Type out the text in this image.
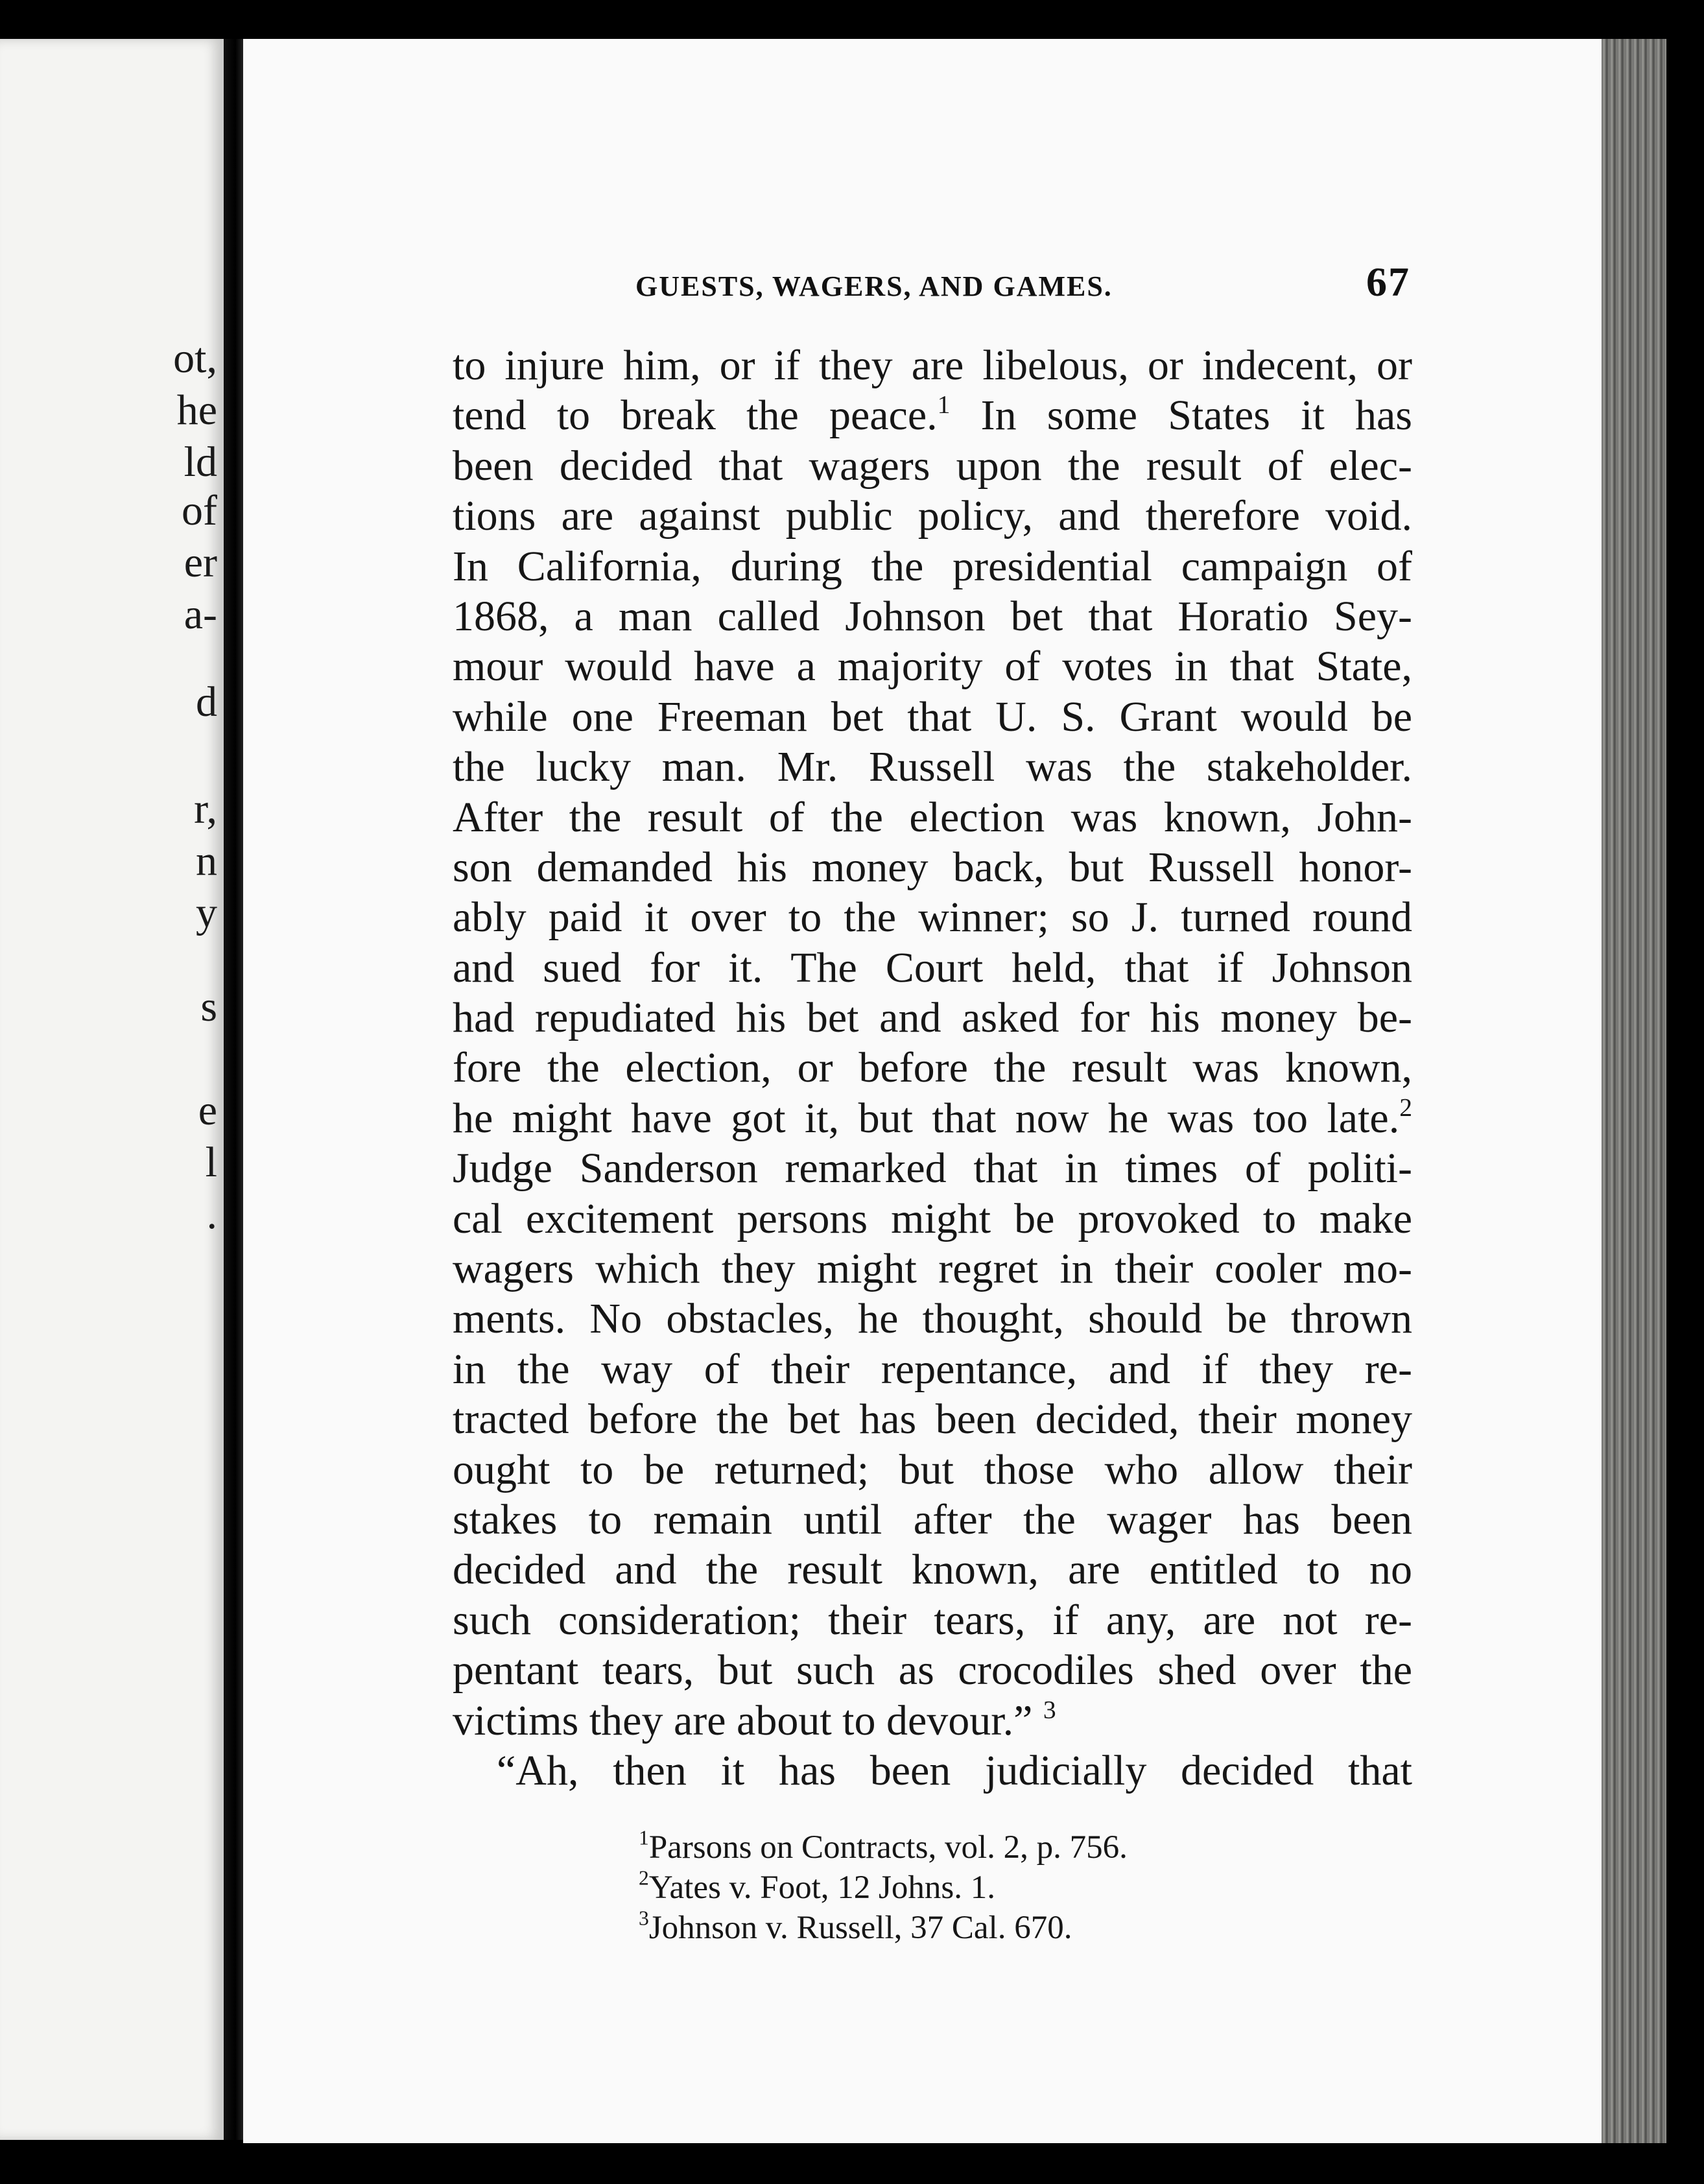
ot,
he
ld
of
er
a-
d
r,
n
y
s
e
l
.
GUESTS, WAGERS, AND GAMES.	67
to injure him, or if they are libelous, or indecent, or
tend to break the peace.$^1$ In some States it has
been decided that wagers upon the result of elec-
tions are against public policy, and therefore void.
In California, during the presidential campaign of
1868, a man called Johnson bet that Horatio Sey-
mour would have a majority of votes in that State,
while one Freeman bet that U. S. Grant would be
the lucky man. Mr. Russell was the stakeholder.
After the result of the election was known, John-
son demanded his money back, but Russell honor-
ably paid it over to the winner; so J. turned round
and sued for it. The Court held, that if Johnson
had repudiated his bet and asked for his money be-
fore the election, or before the result was known,
he might have got it, but that now he was too late.$^2$
Judge Sanderson remarked that in times of politi-
cal excitement persons might be provoked to make
wagers which they might regret in their cooler mo-
ments. No obstacles, he thought, should be thrown
in the way of their repentance, and if they re-
tracted before the bet has been decided, their money
ought to be returned; but those who allow their
stakes to remain until after the wager has been
decided and the result known, are entitled to no
such consideration; their tears, if any, are not re-
pentant tears, but such as crocodiles shed over the
victims they are about to devour.” $^3$
“Ah, then it has been judicially decided that
$^1$Parsons on Contracts, vol. 2, p. 756.
$^2$Yates v. Foot, 12 Johns. 1.
$^3$Johnson v. Russell, 37 Cal. 670.
